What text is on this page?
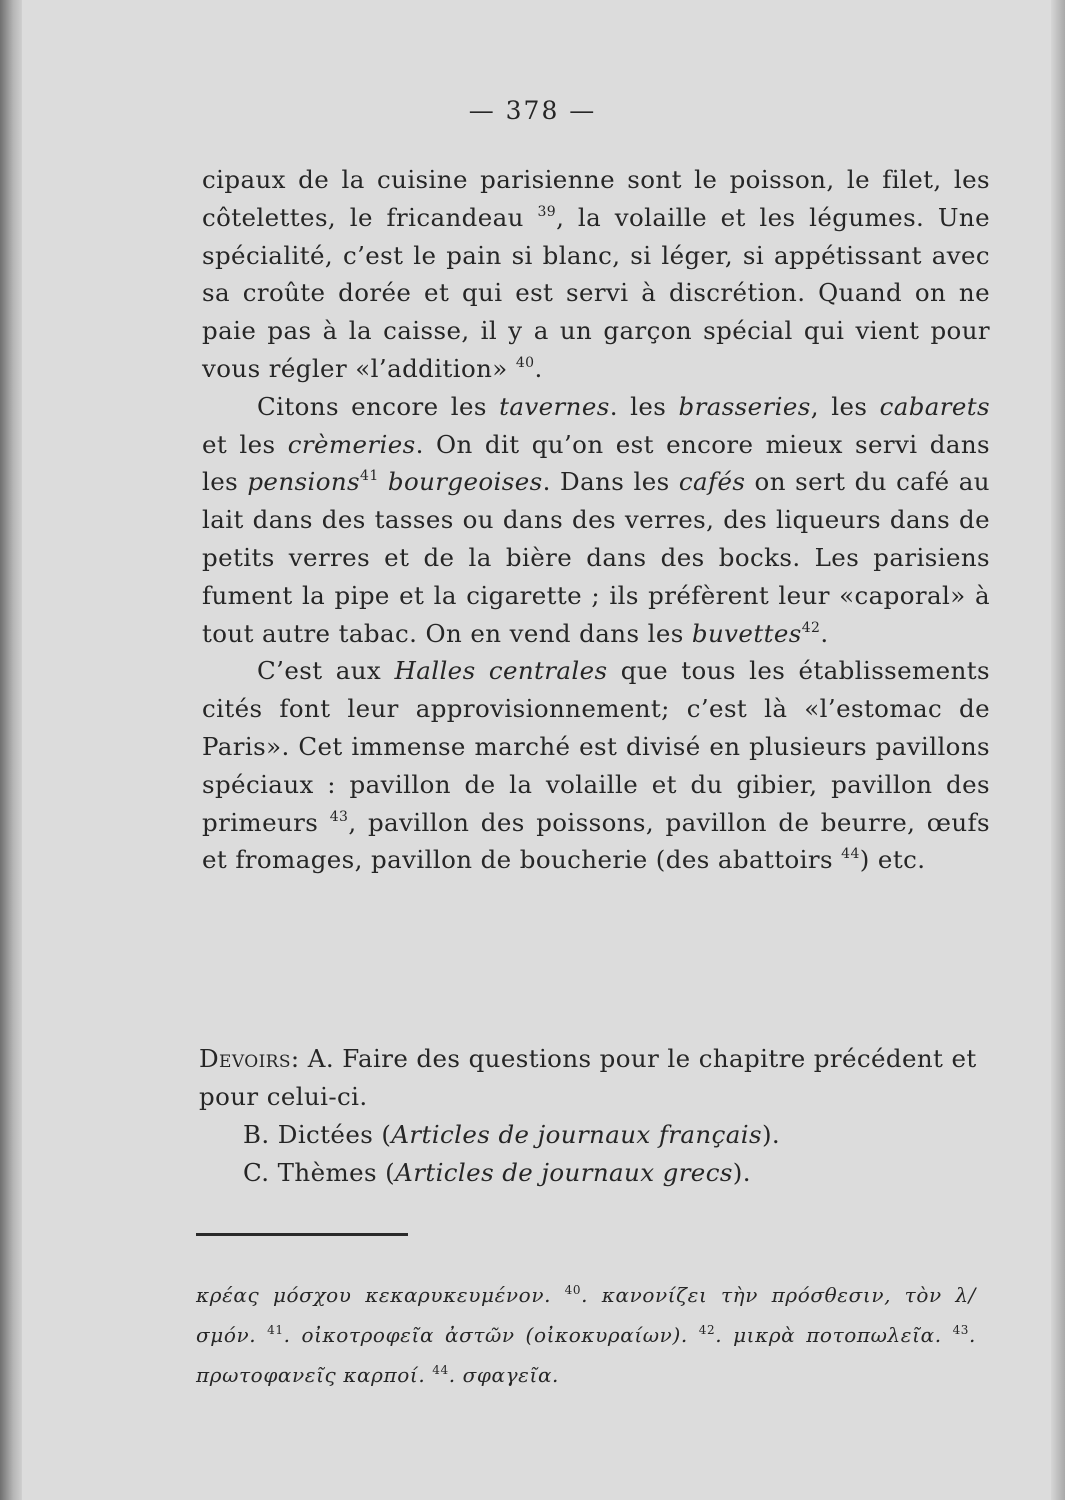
— 378 —

cipaux de la cuisine parisienne sont le poisson, le filet, les côtelettes, le fricandeau $^{39}$, la volaille et les légumes. Une spécialité, c’est le pain si blanc, si léger, si appétissant avec sa croûte dorée et qui est servi à discrétion. Quand on ne paie pas à la caisse, il y a un garçon spécial qui vient pour vous régler «l’addition» $^{40}$.

Citons encore les tavernes. les brasseries, les cabarets et les crèmeries. On dit qu’on est encore mieux servi dans les pensions$^{41}$ bourgeoises. Dans les cafés on sert du café au lait dans des tasses ou dans des verres, des liqueurs dans de petits verres et de la bière dans des bocks. Les parisiens fument la pipe et la cigarette ; ils préfèrent leur «caporal» à tout autre tabac. On en vend dans les buvettes$^{42}$.

C’est aux Halles centrales que tous les établissements cités font leur approvisionnement; c’est là «l’estomac de Paris». Cet immense marché est divisé en plusieurs pavillons spéciaux : pavillon de la volaille et du gibier, pavillon des primeurs $^{43}$, pavillon des poissons, pavillon de beurre, œufs et fromages, pavillon de boucherie (des abattoirs $^{44}$) etc.

Devoirs: A. Faire des questions pour le chapitre précédent et pour celui-ci.

B. Dictées (Articles de journaux français).

C. Thèmes (Articles de journaux grecs).

κρέας μόσχου κεκαρυκευμένον. $^{40}$. κανονίζει τὴν πρόσθεσιν, τὸν λ/σμόν. $^{41}$. οἰκοτροφεῖα ἀστῶν (οἰκοκυραίων). $^{42}$. μικρὰ ποτοπωλεῖα. $^{43}$. πρωτοφανεῖς καρποί. $^{44}$. σφαγεῖα.
